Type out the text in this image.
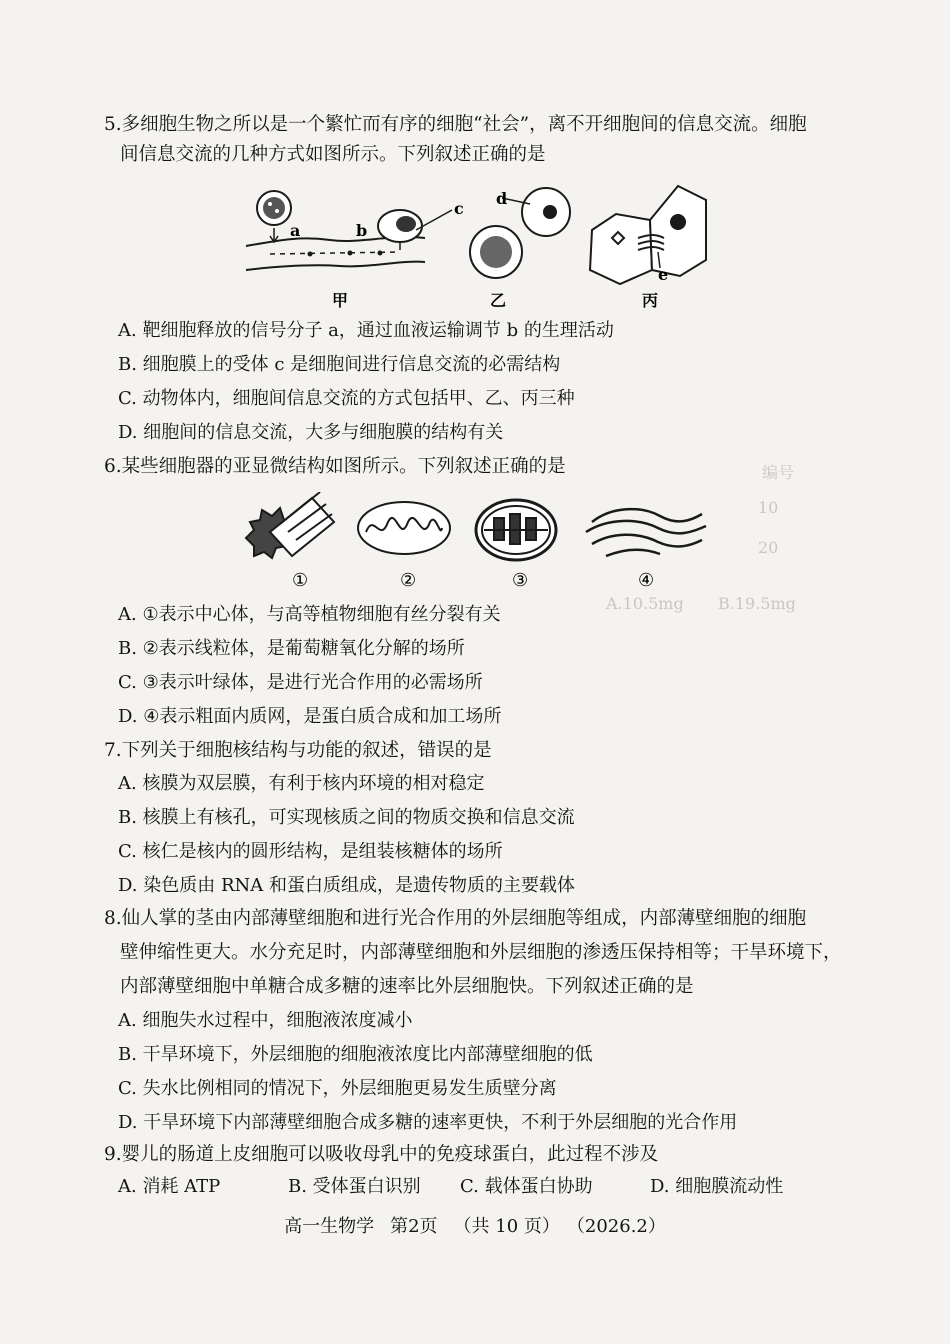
编号
10
20
A.10.5mg B.19.5mg
5.多细胞生物之所以是一个繁忙而有序的细胞“社会”，离不开细胞间的信息交流。细胞
间信息交流的几种方式如图所示。下列叙述正确的是
a	b
c
d
e
甲	乙	丙
A. 靶细胞释放的信号分子 a，通过血液运输调节 b 的生理活动
B. 细胞膜上的受体 c 是细胞间进行信息交流的必需结构
C. 动物体内，细胞间信息交流的方式包括甲、乙、丙三种
D. 细胞间的信息交流，大多与细胞膜的结构有关
6.某些细胞器的亚显微结构如图所示。下列叙述正确的是
①	②	③	④
A. ①表示中心体，与高等植物细胞有丝分裂有关
B. ②表示线粒体，是葡萄糖氧化分解的场所
C. ③表示叶绿体，是进行光合作用的必需场所
D. ④表示粗面内质网，是蛋白质合成和加工场所
7.下列关于细胞核结构与功能的叙述，错误的是
A. 核膜为双层膜，有利于核内环境的相对稳定
B. 核膜上有核孔，可实现核质之间的物质交换和信息交流
C. 核仁是核内的圆形结构，是组装核糖体的场所
D. 染色质由 RNA 和蛋白质组成，是遗传物质的主要载体
8.仙人掌的茎由内部薄壁细胞和进行光合作用的外层细胞等组成，内部薄壁细胞的细胞
壁伸缩性更大。水分充足时，内部薄壁细胞和外层细胞的渗透压保持相等；干旱环境下，
内部薄壁细胞中单糖合成多糖的速率比外层细胞快。下列叙述正确的是
A. 细胞失水过程中，细胞液浓度减小
B. 干旱环境下，外层细胞的细胞液浓度比内部薄壁细胞的低
C. 失水比例相同的情况下，外层细胞更易发生质壁分离
D. 干旱环境下内部薄壁细胞合成多糖的速率更快，不利于外层细胞的光合作用
9.婴儿的肠道上皮细胞可以吸收母乳中的免疫球蛋白，此过程不涉及
A. 消耗 ATP	B. 受体蛋白识别 C. 载体蛋白协助	D. 细胞膜流动性
高一生物学 第2页 （共 10 页） （2026.2）
